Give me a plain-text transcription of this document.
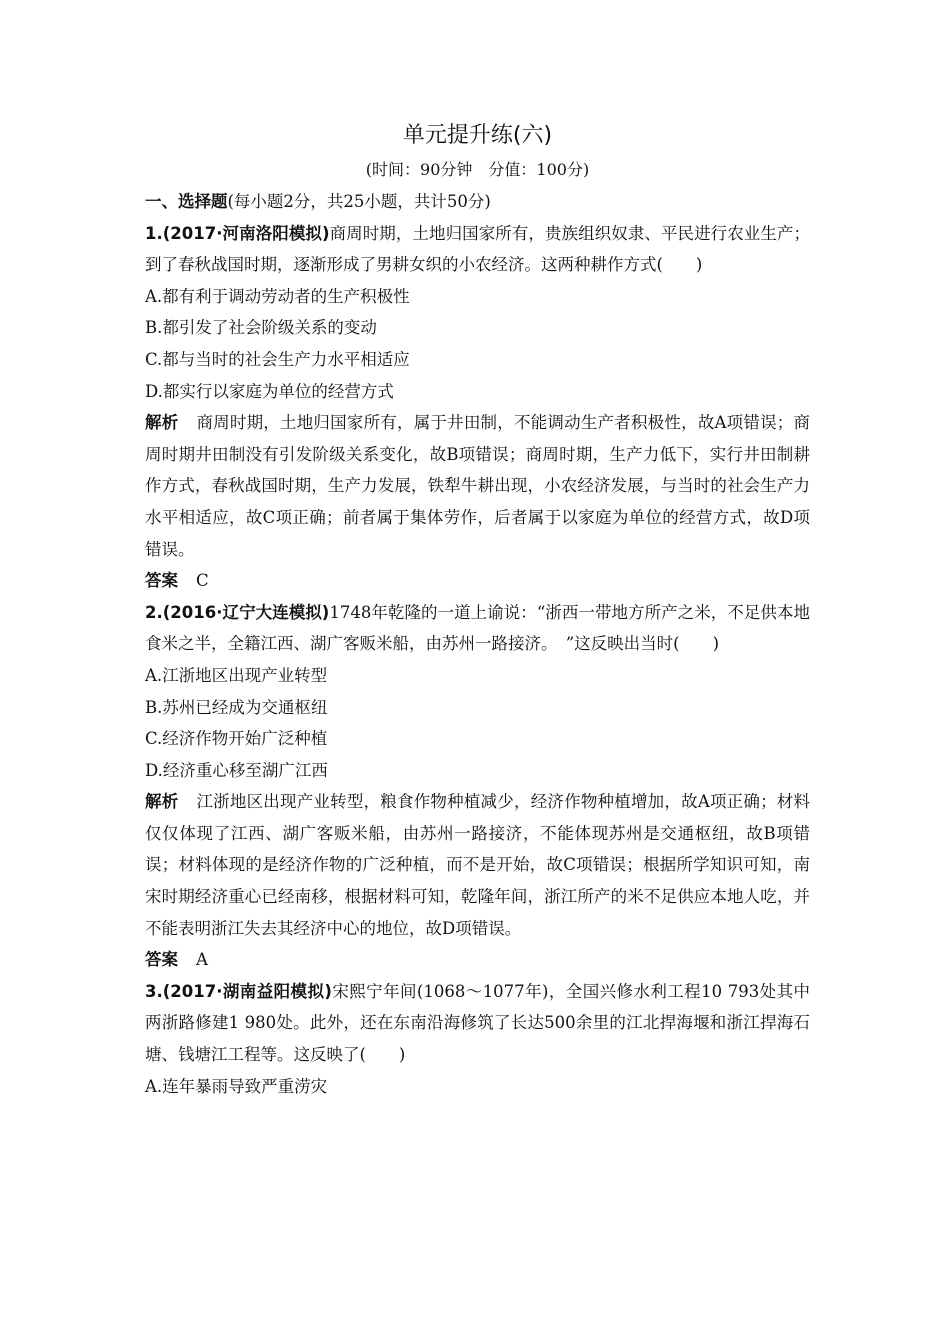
单元提升练(六)
(时间：90分钟　分值：100分)
一、选择题(每小题2分，共25小题，共计50分)
1.(2017·河南洛阳模拟)商周时期，土地归国家所有，贵族组织奴隶、平民进行农业生产；到了春秋战国时期，逐渐形成了男耕女织的小农经济。这两种耕作方式(　　)
A.都有利于调动劳动者的生产积极性
B.都引发了社会阶级关系的变动
C.都与当时的社会生产力水平相适应
D.都实行以家庭为单位的经营方式
解析 商周时期，土地归国家所有，属于井田制，不能调动生产者积极性，故A项错误；商周时期井田制没有引发阶级关系变化，故B项错误；商周时期，生产力低下，实行井田制耕作方式，春秋战国时期，生产力发展，铁犁牛耕出现，小农经济发展，与当时的社会生产力水平相适应，故C项正确；前者属于集体劳作，后者属于以家庭为单位的经营方式，故D项错误。
答案 C
2.(2016·辽宁大连模拟)1748年乾隆的一道上谕说：“浙西一带地方所产之米，不足供本地食米之半，全籍江西、湖广客贩米船，由苏州一路接济。　”这反映出当时(　　)
A.江浙地区出现产业转型
B.苏州已经成为交通枢纽
C.经济作物开始广泛种植
D.经济重心移至湖广江西
解析 江浙地区出现产业转型，粮食作物种植减少，经济作物种植增加，故A项正确；材料仅仅体现了江西、湖广客贩米船，由苏州一路接济，不能体现苏州是交通枢纽，故B项错误；材料体现的是经济作物的广泛种植，而不是开始，故C项错误；根据所学知识可知，南宋时期经济重心已经南移，根据材料可知，乾隆年间，浙江所产的米不足供应本地人吃，并不能表明浙江失去其经济中心的地位，故D项错误。
答案 A
3.(2017·湖南益阳模拟)宋熙宁年间(1068～1077年)，全国兴修水利工程10 793处其中两浙路修建1 980处。此外，还在东南沿海修筑了长达500余里的江北捍海堰和浙江捍海石塘、钱塘江工程等。这反映了(　　)
A.连年暴雨导致严重涝灾
